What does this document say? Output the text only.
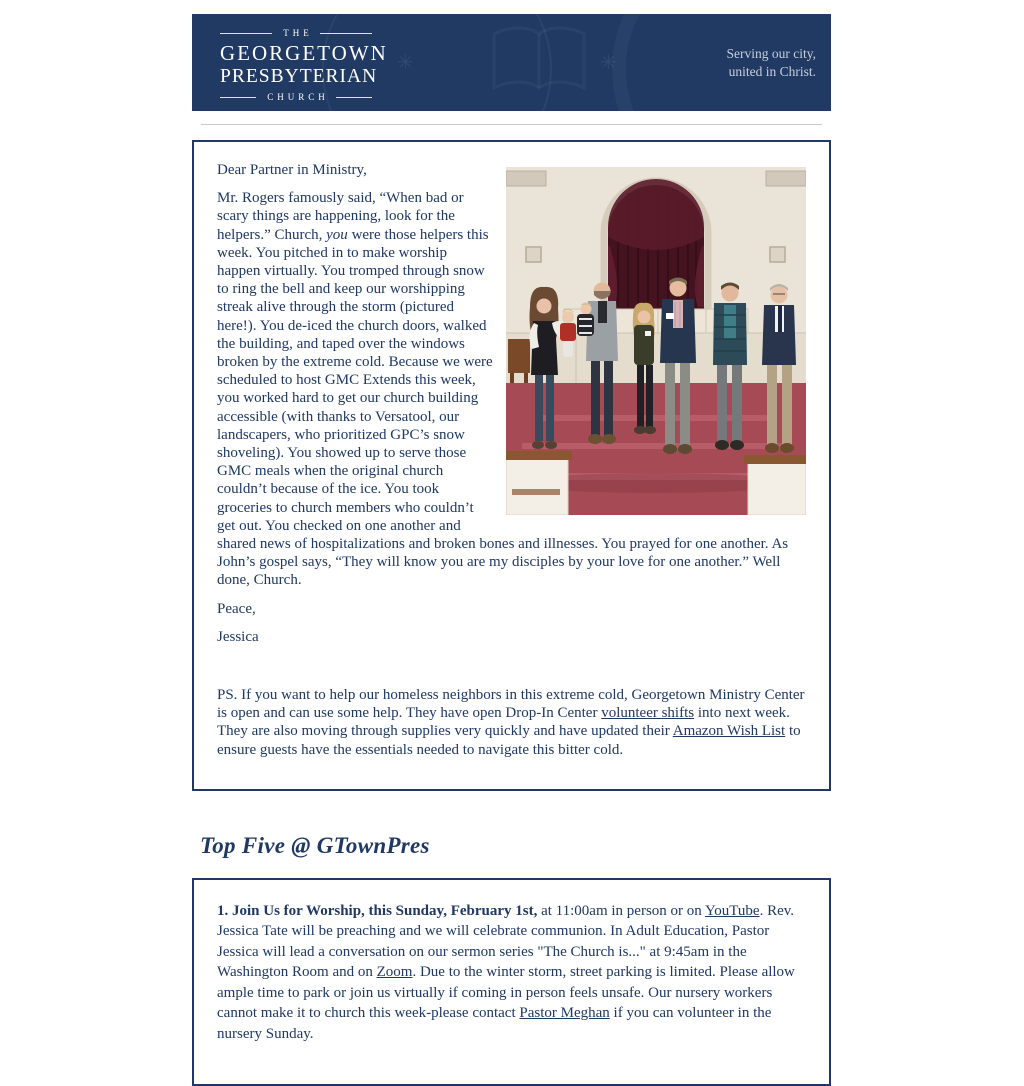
✳	✳
THE
GEORGETOWN
PRESBYTERIAN
CHURCH
Serving our city,
united in Christ.

Dear Partner in Ministry,

Mr. Rogers famously said, “When bad or scary things are happening, look for the helpers.” Church, you were those helpers this week. You pitched in to make worship happen virtually. You tromped through snow to ring the bell and keep our worshipping streak alive through the storm (pictured here!). You de-iced the church doors, walked the building, and taped over the windows broken by the extreme cold. Because we were scheduled to host GMC Extends this week, you worked hard to get our church building accessible (with thanks to Versatool, our landscapers, who prioritized GPC’s snow shoveling). You showed up to serve those GMC meals when the original church couldn’t because of the ice. You took groceries to church members who couldn’t get out. You checked on one another and shared news of hospitalizations and broken bones and illnesses. You prayed for one another. As John’s gospel says, “They will know you are my disciples by your love for one another.” Well done, Church.

Peace,

Jessica

PS. If you want to help our homeless neighbors in this extreme cold, Georgetown Ministry Center is open and can use some help. They have open Drop-In Center volunteer shifts into next week. They are also moving through supplies very quickly and have updated their Amazon Wish List to ensure guests have the essentials needed to navigate this bitter cold.

Top Five @ GTownPres

1. Join Us for Worship, this Sunday, February 1st, at 11:00am in person or on YouTube. Rev. Jessica Tate will be preaching and we will celebrate communion. In Adult Education, Pastor Jessica will lead a conversation on our sermon series "The Church is..." at 9:45am in the Washington Room and on Zoom. Due to the winter storm, street parking is limited. Please allow ample time to park or join us virtually if coming in person feels unsafe. Our nursery workers cannot make it to church this week-please contact Pastor Meghan if you can volunteer in the nursery Sunday.
